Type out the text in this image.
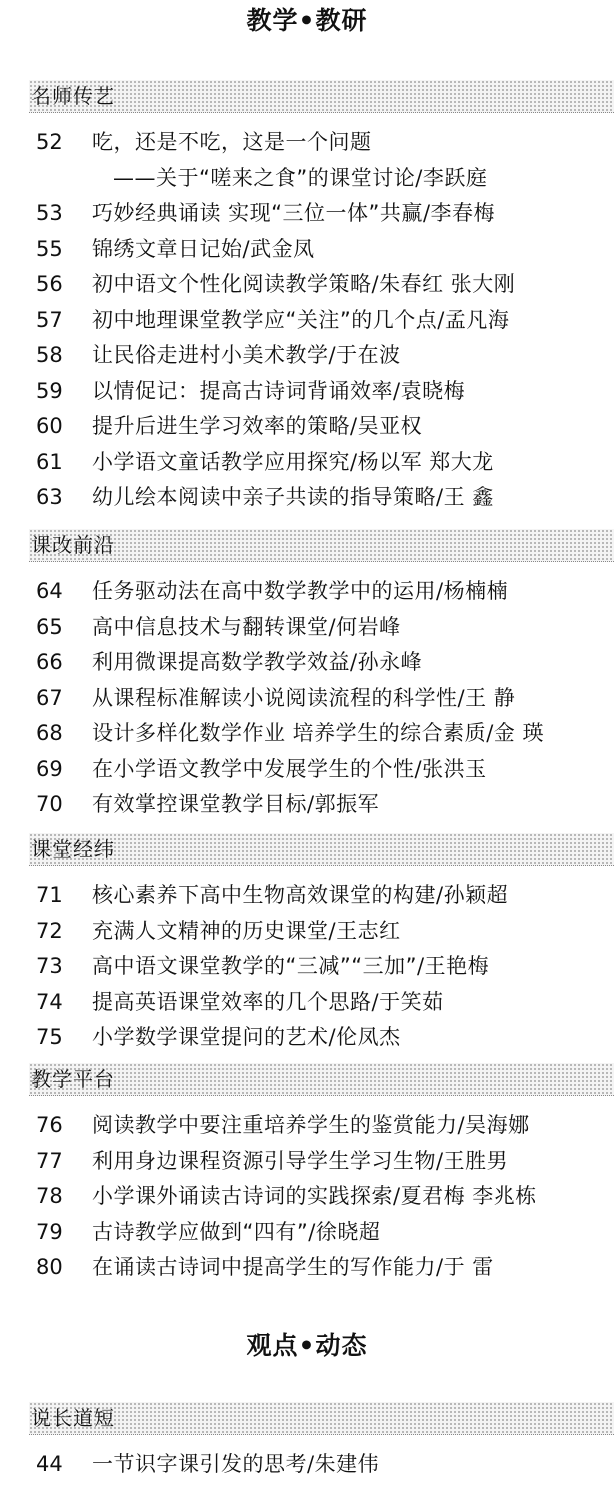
教学•教研
名师传艺
52	吃，还是不吃，这是一个问题
——关于“嗟来之食”的课堂讨论/李跃庭
53	巧妙经典诵读 实现“三位一体”共赢/李春梅
55	锦绣文章日记始/武金凤
56	初中语文个性化阅读教学策略/朱春红 张大刚
57	初中地理课堂教学应“关注”的几个点/孟凡海
58	让民俗走进村小美术教学/于在波
59	以情促记：提高古诗词背诵效率/袁晓梅
60	提升后进生学习效率的策略/吴亚权
61	小学语文童话教学应用探究/杨以军 郑大龙
63	幼儿绘本阅读中亲子共读的指导策略/王 鑫
课改前沿
64	任务驱动法在高中数学教学中的运用/杨楠楠
65	高中信息技术与翻转课堂/何岩峰
66	利用微课提高数学教学效益/孙永峰
67	从课程标准解读小说阅读流程的科学性/王 静
68	设计多样化数学作业 培养学生的综合素质/金 瑛
69	在小学语文教学中发展学生的个性/张洪玉
70	有效掌控课堂教学目标/郭振军
课堂经纬
71	核心素养下高中生物高效课堂的构建/孙颖超
72	充满人文精神的历史课堂/王志红
73	高中语文课堂教学的“三减”“三加”/王艳梅
74	提高英语课堂效率的几个思路/于笑茹
75	小学数学课堂提问的艺术/伦凤杰
教学平台
76	阅读教学中要注重培养学生的鉴赏能力/吴海娜
77	利用身边课程资源引导学生学习生物/王胜男
78	小学课外诵读古诗词的实践探索/夏君梅 李兆栋
79	古诗教学应做到“四有”/徐晓超
80	在诵读古诗词中提高学生的写作能力/于 雷
观点•动态
说长道短
44	一节识字课引发的思考/朱建伟
